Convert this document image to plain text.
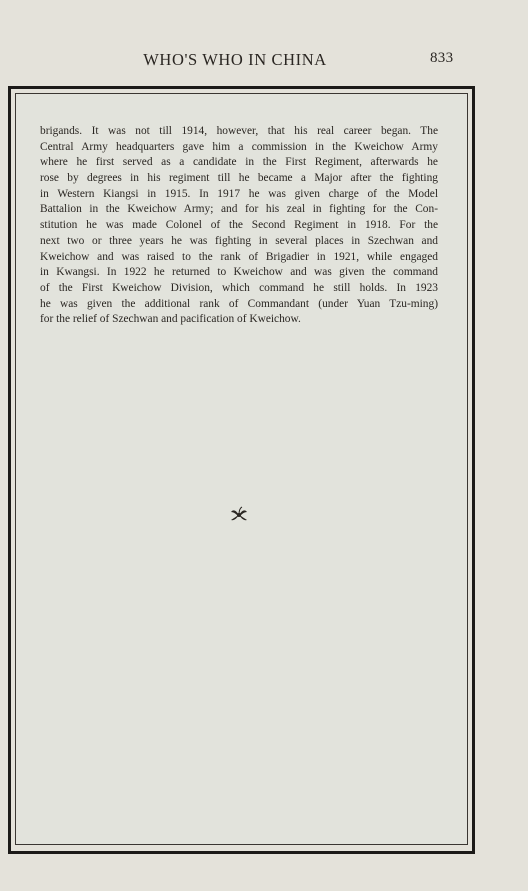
WHO'S WHO IN CHINA	833
brigands. It was not till 1914, however, that his real career began. The
Central Army headquarters gave him a commission in the Kweichow Army
where he first served as a candidate in the First Regiment, afterwards he
rose by degrees in his regiment till he became a Major after the fighting
in Western Kiangsi in 1915. In 1917 he was given charge of the Model
Battalion in the Kweichow Army; and for his zeal in fighting for the Con-
stitution he was made Colonel of the Second Regiment in 1918. For the
next two or three years he was fighting in several places in Szechwan and
Kweichow and was raised to the rank of Brigadier in 1921, while engaged
in Kwangsi. In 1922 he returned to Kweichow and was given the command
of the First Kweichow Division, which command he still holds. In 1923
he was given the additional rank of Commandant (under Yuan Tzu-ming)
for the relief of Szechwan and pacification of Kweichow.
